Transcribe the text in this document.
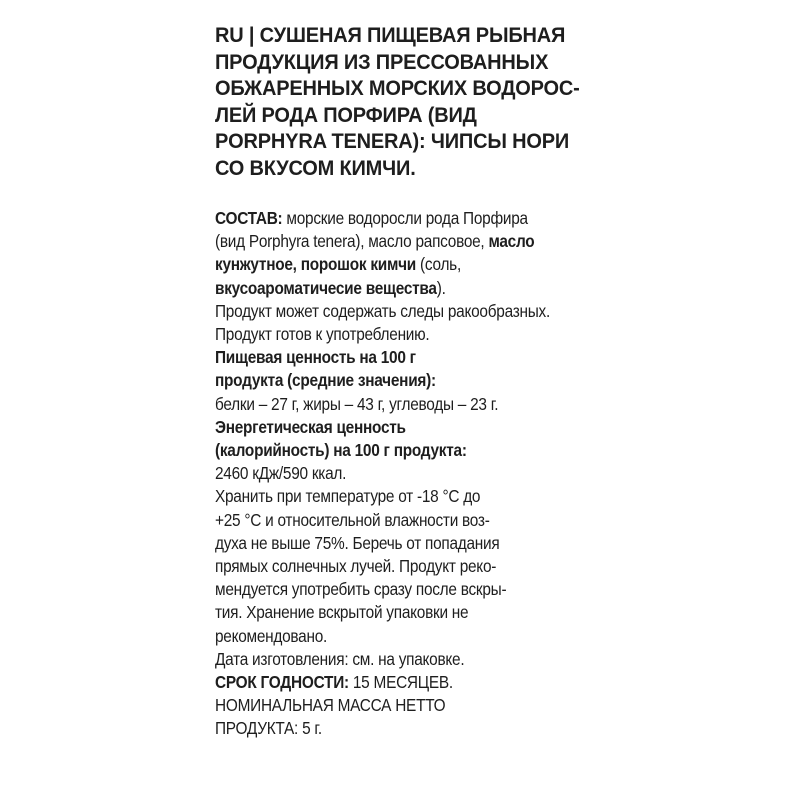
RU | СУШЕНАЯ ПИЩЕВАЯ РЫБНАЯ
ПРОДУКЦИЯ ИЗ ПРЕССОВАННЫХ
ОБЖАРЕННЫХ МОРСКИХ ВОДОРОС-
ЛЕЙ РОДА ПОРФИРА (ВИД
PORPHYRA TENERA): ЧИПСЫ НОРИ
СО ВКУСОМ КИМЧИ.
СОСТАВ: морские водоросли рода Порфира
(вид Porphyra tenera), масло рапсовое, масло
кунжутное, порошок кимчи (соль,
вкусоароматичесие вещества).
Продукт может содержать следы ракообразных.
Продукт готов к употреблению.
Пищевая ценность на 100 г
продукта (средние значения):
белки – 27 г, жиры – 43 г, углеводы – 23 г.
Энергетическая ценность
(калорийность) на 100 г продукта:
2460 кДж/590 ккал.
Хранить при температуре от -18 °С до
+25 °С и относительной влажности воз-
духа не выше 75%. Беречь от попадания
прямых солнечных лучей. Продукт реко-
мендуется употребить сразу после вскры-
тия. Хранение вскрытой упаковки не
рекомендовано.
Дата изготовления: см. на упаковке.
СРОК ГОДНОСТИ: 15 МЕСЯЦЕВ.
НОМИНАЛЬНАЯ МАССА НЕТТО
ПРОДУКТА: 5 г.
